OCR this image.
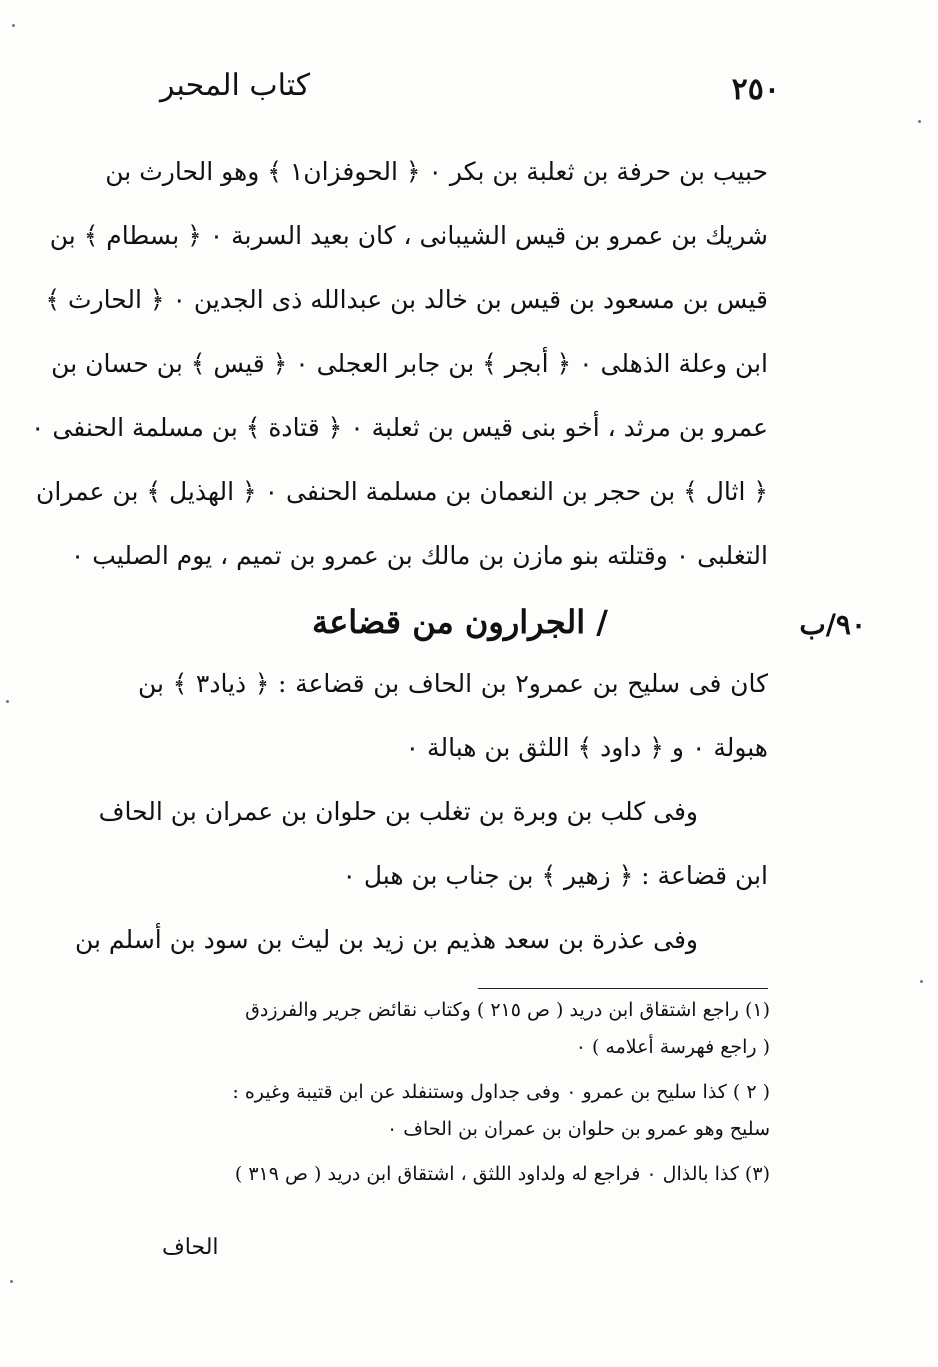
كتاب المحبر	٢٥٠
حبيب بن حرفة بن ثعلبة بن بكر ٠ ﴿ الحوفزان١ ﴾ وهو الحارث بن
شريك بن عمرو بن قيس الشيبانى ، كان بعيد السربة ٠ ﴿ بسطام ﴾ بن
قيس بن مسعود بن قيس بن خالد بن عبدالله ذى الجدين ٠ ﴿ الحارث ﴾
ابن وعلة الذهلى ٠ ﴿ أبجر ﴾ بن جابر العجلى ٠ ﴿ قيس ﴾ بن حسان بن
عمرو بن مرثد ، أخو بنى قيس بن ثعلبة ٠ ﴿ قتادة ﴾ بن مسلمة الحنفى ٠
﴿ اثال ﴾ بن حجر بن النعمان بن مسلمة الحنفى ٠ ﴿ الهذيل ﴾ بن عمران
التغلبى ٠ وقتلته بنو مازن بن مالك بن عمرو بن تميم ، يوم الصليب ٠
٩٠/ب
/ الجرارون من قضاعة
كان فى سليح بن عمرو٢ بن الحاف بن قضاعة : ﴿ ذياد٣ ﴾ بن
هبولة ٠ و ﴿ داود ﴾ اللثق بن هبالة ٠
وفى كلب بن وبرة بن تغلب بن حلوان بن عمران بن الحاف
ابن قضاعة : ﴿ زهير ﴾ بن جناب بن هبل ٠
وفى عذرة بن سعد هذيم بن زيد بن ليث بن سود بن أسلم بن
(١) راجع اشتقاق ابن دريد ( ص ٢١٥ ) وكتاب نقائض جرير والفرزدق
( راجع فهرسة أعلامه ) ٠
( ٢ ) كذا سليح بن عمرو ٠ وفى جداول وستنفلد عن ابن قتيبة وغيره :
سليح وهو عمرو بن حلوان بن عمران بن الحاف ٠
(٣) كذا بالذال ٠ فراجع له ولداود اللثق ، اشتقاق ابن دريد ( ص ٣١٩ )
الحاف
